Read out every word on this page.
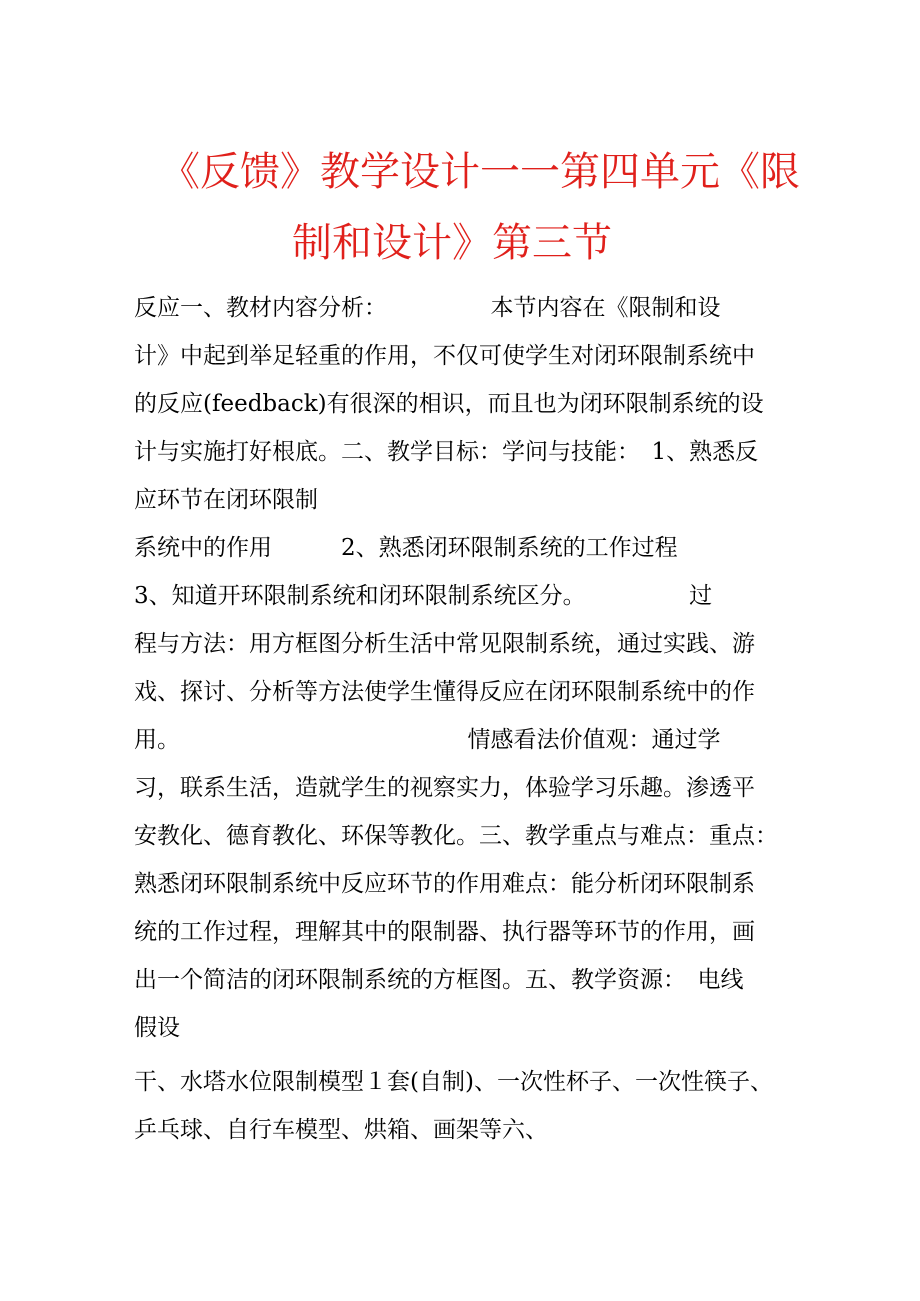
《反馈》教学设计一一第四单元《限
制和设计》第三节
反应一、教材内容分析：　　　　　本节内容在《限制和设
计》中起到举足轻重的作用，不仅可使学生对闭环限制系统中
的反应(feedback)有很深的相识，而且也为闭环限制系统的设
计与实施打好根底。二、教学目标：学问与技能：　1、熟悉反
应环节在闭环限制
系统中的作用　　　2、熟悉闭环限制系统的工作过程
3、知道开环限制系统和闭环限制系统区分。　　　　　过
程与方法：用方框图分析生活中常见限制系统，通过实践、游
戏、探讨、分析等方法使学生懂得反应在闭环限制系统中的作
用。　　　　　　　　　　　　　情感看法价值观：通过学
习，联系生活，造就学生的视察实力，体验学习乐趣。渗透平
安教化、德育教化、环保等教化。三、教学重点与难点：重点：
熟悉闭环限制系统中反应环节的作用难点：能分析闭环限制系
统的工作过程，理解其中的限制器、执行器等环节的作用，画
出一个简洁的闭环限制系统的方框图。五、教学资源：　电线
假设
干、水塔水位限制模型１套(自制)、一次性杯子、一次性筷子、
乒乓球、自行车模型、烘箱、画架等六、
